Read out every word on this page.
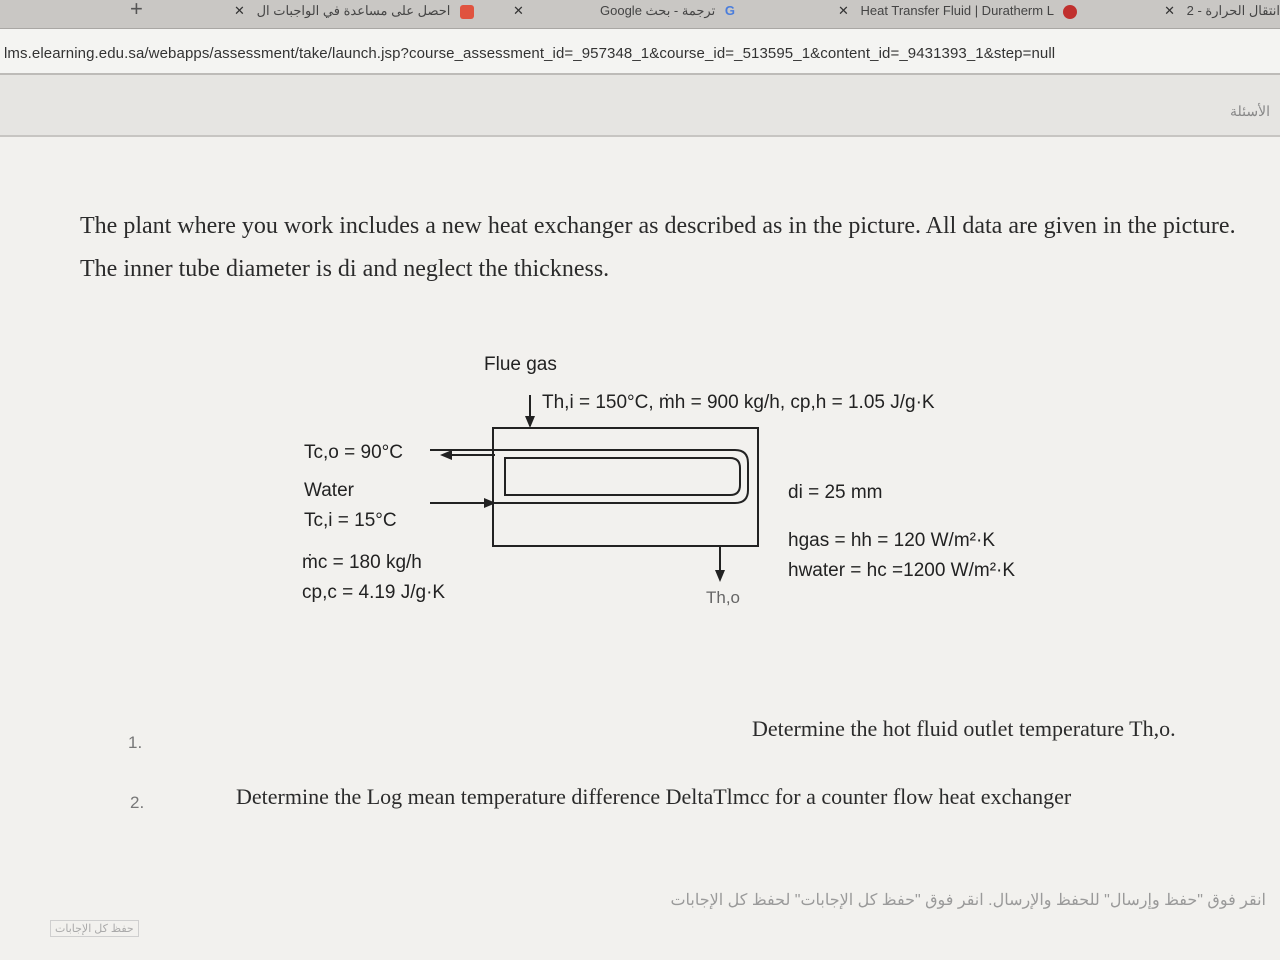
+	احصل على مساعدة في الواجبات ال ✕	✕	Google ترجمة - بحث G	✕ Heat Transfer Fluid | Duratherm L	انتقال الحرارة - 2 ✕
lms.elearning.edu.sa/webapps/assessment/take/launch.jsp?course_assessment_id=_957348_1&course_id=_513595_1&content_id=_9431393_1&step=null
الأسئلة
The plant where you work includes a new heat exchanger as described as in the picture. All data are given in the picture. The inner tube diameter is di and neglect the thickness.
Flue gas
Th,i = 150°C, ṁh = 900 kg/h, cp,h = 1.05 J/g·K
Tc,o = 90°C
Water
Tc,i = 15°C
ṁc = 180 kg/h
cp,c = 4.19 J/g·K	Th,o
di = 25 mm
hgas = hh = 120 W/m²·K
hwater = hc =1200 W/m²·K
1.
Determine the hot fluid outlet temperature Th,o.
2.	Determine the Log mean temperature difference DeltaTlmcc for a counter flow heat exchanger
انقر فوق "حفظ وإرسال" للحفظ والإرسال. انقر فوق "حفظ كل الإجابات" لحفظ كل الإجابات
حفظ كل الإجابات
